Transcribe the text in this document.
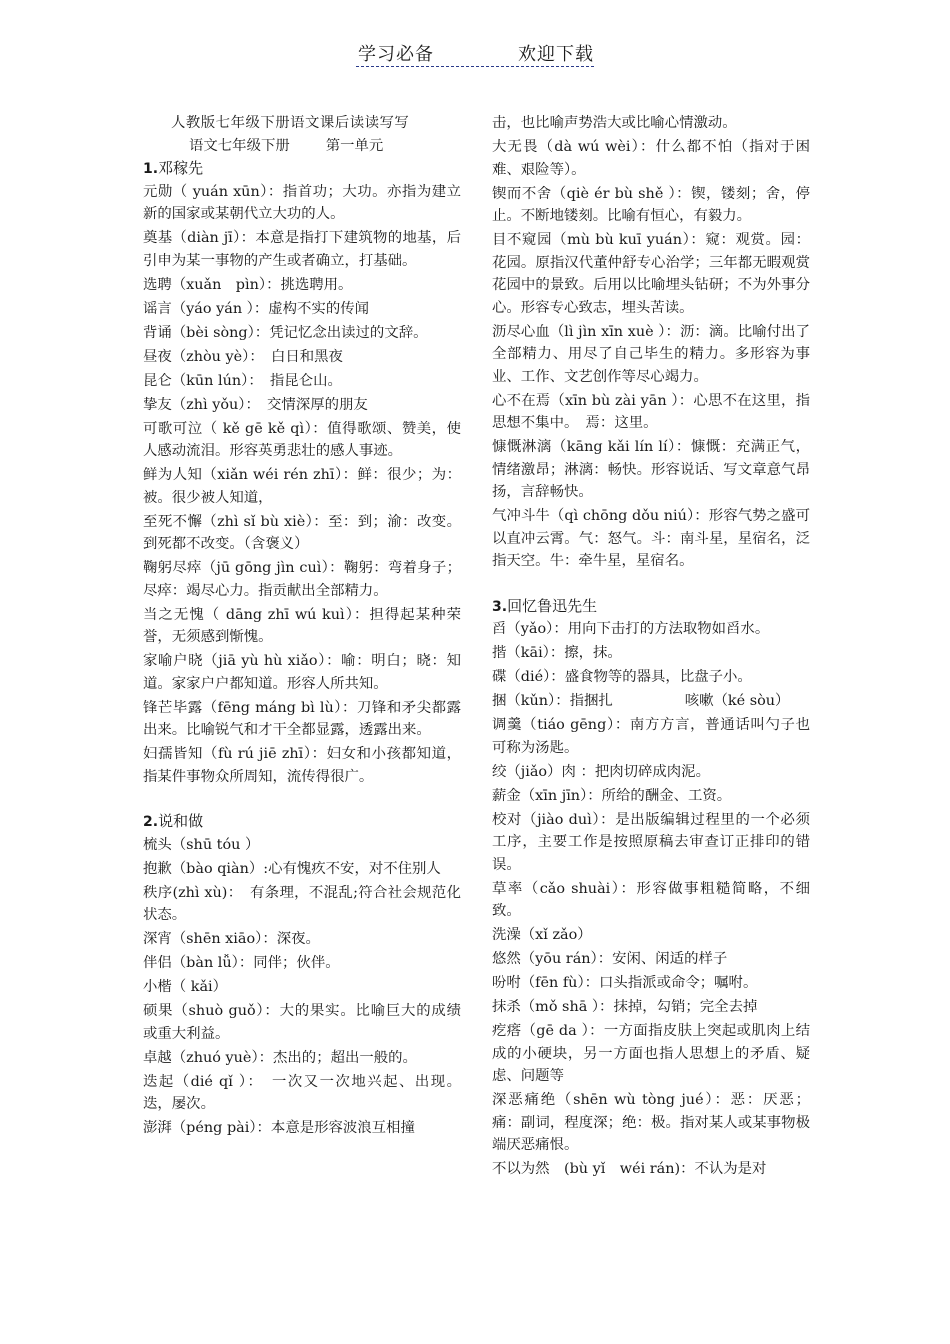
学习必备	欢迎下载
人教版七年级下册语文课后读读写写
语文七年级下册	第一单元
1.邓稼先
元勋（ yuán xūn）：指首功；大功。亦指为建立新的国家或某朝代立大功的人。
奠基（diàn jī）：本意是指打下建筑物的地基，后引申为某一事物的产生或者确立，打基础。
选聘（xuǎn　pìn）：挑选聘用。
谣言（yáo yán ）：虚构不实的传闻
背诵（bèi sòng）：凭记忆念出读过的文辞。
昼夜（zhòu yè）：　白日和黑夜
昆仑（kūn lún）：　指昆仑山。
挚友（zhì yǒu）：　交情深厚的朋友
可歌可泣（ kě gē kě qì）：值得歌颂、赞美，使人感动流泪。形容英勇悲壮的感人事迹。
鲜为人知（xiǎn wéi rén zhī）：鲜：很少；为：被。很少被人知道，
至死不懈（zhì sǐ bù xiè）：至：到；渝：改变。到死都不改变。（含褒义）
鞠躬尽瘁（jū gōng jìn cuì）：鞠躬：弯着身子；尽瘁：竭尽心力。指贡献出全部精力。
当之无愧（ dāng zhī wú kuì）：担得起某种荣誉，无须感到惭愧。
家喻户晓（jiā yù hù xiǎo）：喻：明白；晓：知道。家家户户都知道。形容人所共知。
锋芒毕露（fēng máng bì lù）：刀锋和矛尖都露出来。比喻锐气和才干全都显露，透露出来。
妇孺皆知（fù rú jiē zhī）：妇女和小孩都知道，指某件事物众所周知，流传得很广。
2.说和做
梳头（shū tóu ）
抱歉（bào qiàn）:心有愧疚不安，对不住别人
秩序(zhì xù)：　有条理，不混乱;符合社会规范化状态。
深宵（shēn xiāo）：深夜。
伴侣（bàn lǚ）：同伴；伙伴。
小楷（ kǎi）
硕果（shuò guǒ）：大的果实。比喻巨大的成绩或重大利益。
卓越（zhuó yuè）：杰出的；超出一般的。
迭起（dié qǐ ）：　一次又一次地兴起、出现。迭，屡次。
澎湃（péng pài）：本意是形容波浪互相撞
击，也比喻声势浩大或比喻心情激动。
大无畏（dà wú wèi）：什么都不怕（指对于困难、艰险等）。
锲而不舍（qiè ér bù shě ）：锲，镂刻；舍，停止。不断地镂刻。比喻有恒心，有毅力。
目不窥园（mù bù kuī yuán）：窥：观赏。园：花园。原指汉代董仲舒专心治学；三年都无暇观赏花园中的景致。后用以比喻埋头钻研；不为外事分心。形容专心致志，埋头苦读。
沥尽心血（lì jìn xīn xuè ）：沥：滴。比喻付出了全部精力、用尽了自己毕生的精力。多形容为事业、工作、文艺创作等尽心竭力。
心不在焉（xīn bù zài yān ）：心思不在这里，指思想不集中。　焉：这里。
慷慨淋漓（kāng kǎi lín lí）：慷慨：充满正气，情绪激昂；淋漓：畅快。形容说话、写文章意气昂扬，言辞畅快。
气冲斗牛（qì chōng dǒu niú）：形容气势之盛可以直冲云霄。气：怒气。斗：南斗星，星宿名，泛指天空。牛：牵牛星，星宿名。
3.回忆鲁迅先生
舀（yǎo）：用向下击打的方法取物如舀水。
揩（kāi）：擦，抹。
碟（dié）：盛食物等的器具，比盘子小。
捆（kǔn）：指捆扎　　　　　咳嗽（ké sòu）
调羹（tiáo gēng）：南方方言，普通话叫勺子也可称为汤匙。
绞（jiǎo）肉 ：把肉切碎成肉泥。
薪金（xīn jīn）：所给的酬金、工资。
校对（jiào duì）：是出版编辑过程里的一个必须工序，主要工作是按照原稿去审查订正排印的错误。
草率（cǎo shuài）：形容做事粗糙简略，不细致。
洗澡（xǐ zǎo）
悠然（yōu rán）：安闲、闲适的样子
吩咐（fēn fù）：口头指派或命令；嘱咐。
抹杀（mǒ shā ）：抹掉，勾销；完全去掉
疙瘩（gē da ）：一方面指皮肤上突起或肌肉上结成的小硬块，另一方面也指人思想上的矛盾、疑虑、问题等
深恶痛绝（shēn wù tòng jué）：恶：厌恶；痛：副词，程度深；绝：极。指对某人或某事物极端厌恶痛恨。
不以为然　(bù yǐ　wéi rán)：不认为是对
